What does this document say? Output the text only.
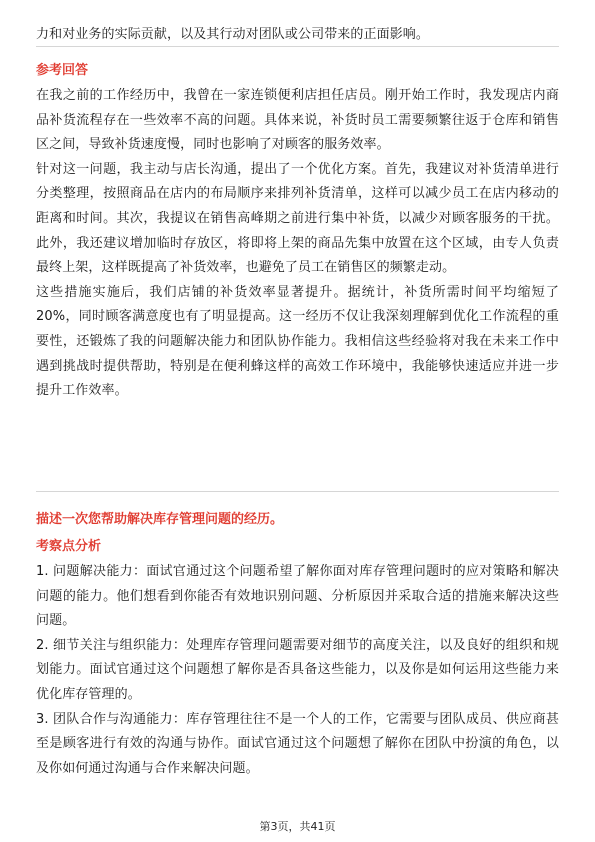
力和对业务的实际贡献，以及其行动对团队或公司带来的正面影响。

参考回答

在我之前的工作经历中，我曾在一家连锁便利店担任店员。刚开始工作时，我发现店内商品补货流程存在一些效率不高的问题。具体来说，补货时员工需要频繁往返于仓库和销售区之间，导致补货速度慢，同时也影响了对顾客的服务效率。

针对这一问题，我主动与店长沟通，提出了一个优化方案。首先，我建议对补货清单进行分类整理，按照商品在店内的布局顺序来排列补货清单，这样可以减少员工在店内移动的距离和时间。其次，我提议在销售高峰期之前进行集中补货，以减少对顾客服务的干扰。此外，我还建议增加临时存放区，将即将上架的商品先集中放置在这个区域，由专人负责最终上架，这样既提高了补货效率，也避免了员工在销售区的频繁走动。

这些措施实施后，我们店铺的补货效率显著提升。据统计，补货所需时间平均缩短了20%，同时顾客满意度也有了明显提高。这一经历不仅让我深刻理解到优化工作流程的重要性，还锻炼了我的问题解决能力和团队协作能力。我相信这些经验将对我在未来工作中遇到挑战时提供帮助，特别是在便利蜂这样的高效工作环境中，我能够快速适应并进一步提升工作效率。

描述一次您帮助解决库存管理问题的经历。

考察点分析

1. 问题解决能力：面试官通过这个问题希望了解你面对库存管理问题时的应对策略和解决问题的能力。他们想看到你能否有效地识别问题、分析原因并采取合适的措施来解决这些问题。

2. 细节关注与组织能力：处理库存管理问题需要对细节的高度关注，以及良好的组织和规划能力。面试官通过这个问题想了解你是否具备这些能力，以及你是如何运用这些能力来优化库存管理的。

3. 团队合作与沟通能力：库存管理往往不是一个人的工作，它需要与团队成员、供应商甚至是顾客进行有效的沟通与协作。面试官通过这个问题想了解你在团队中扮演的角色，以及你如何通过沟通与合作来解决问题。

第3页，共41页
